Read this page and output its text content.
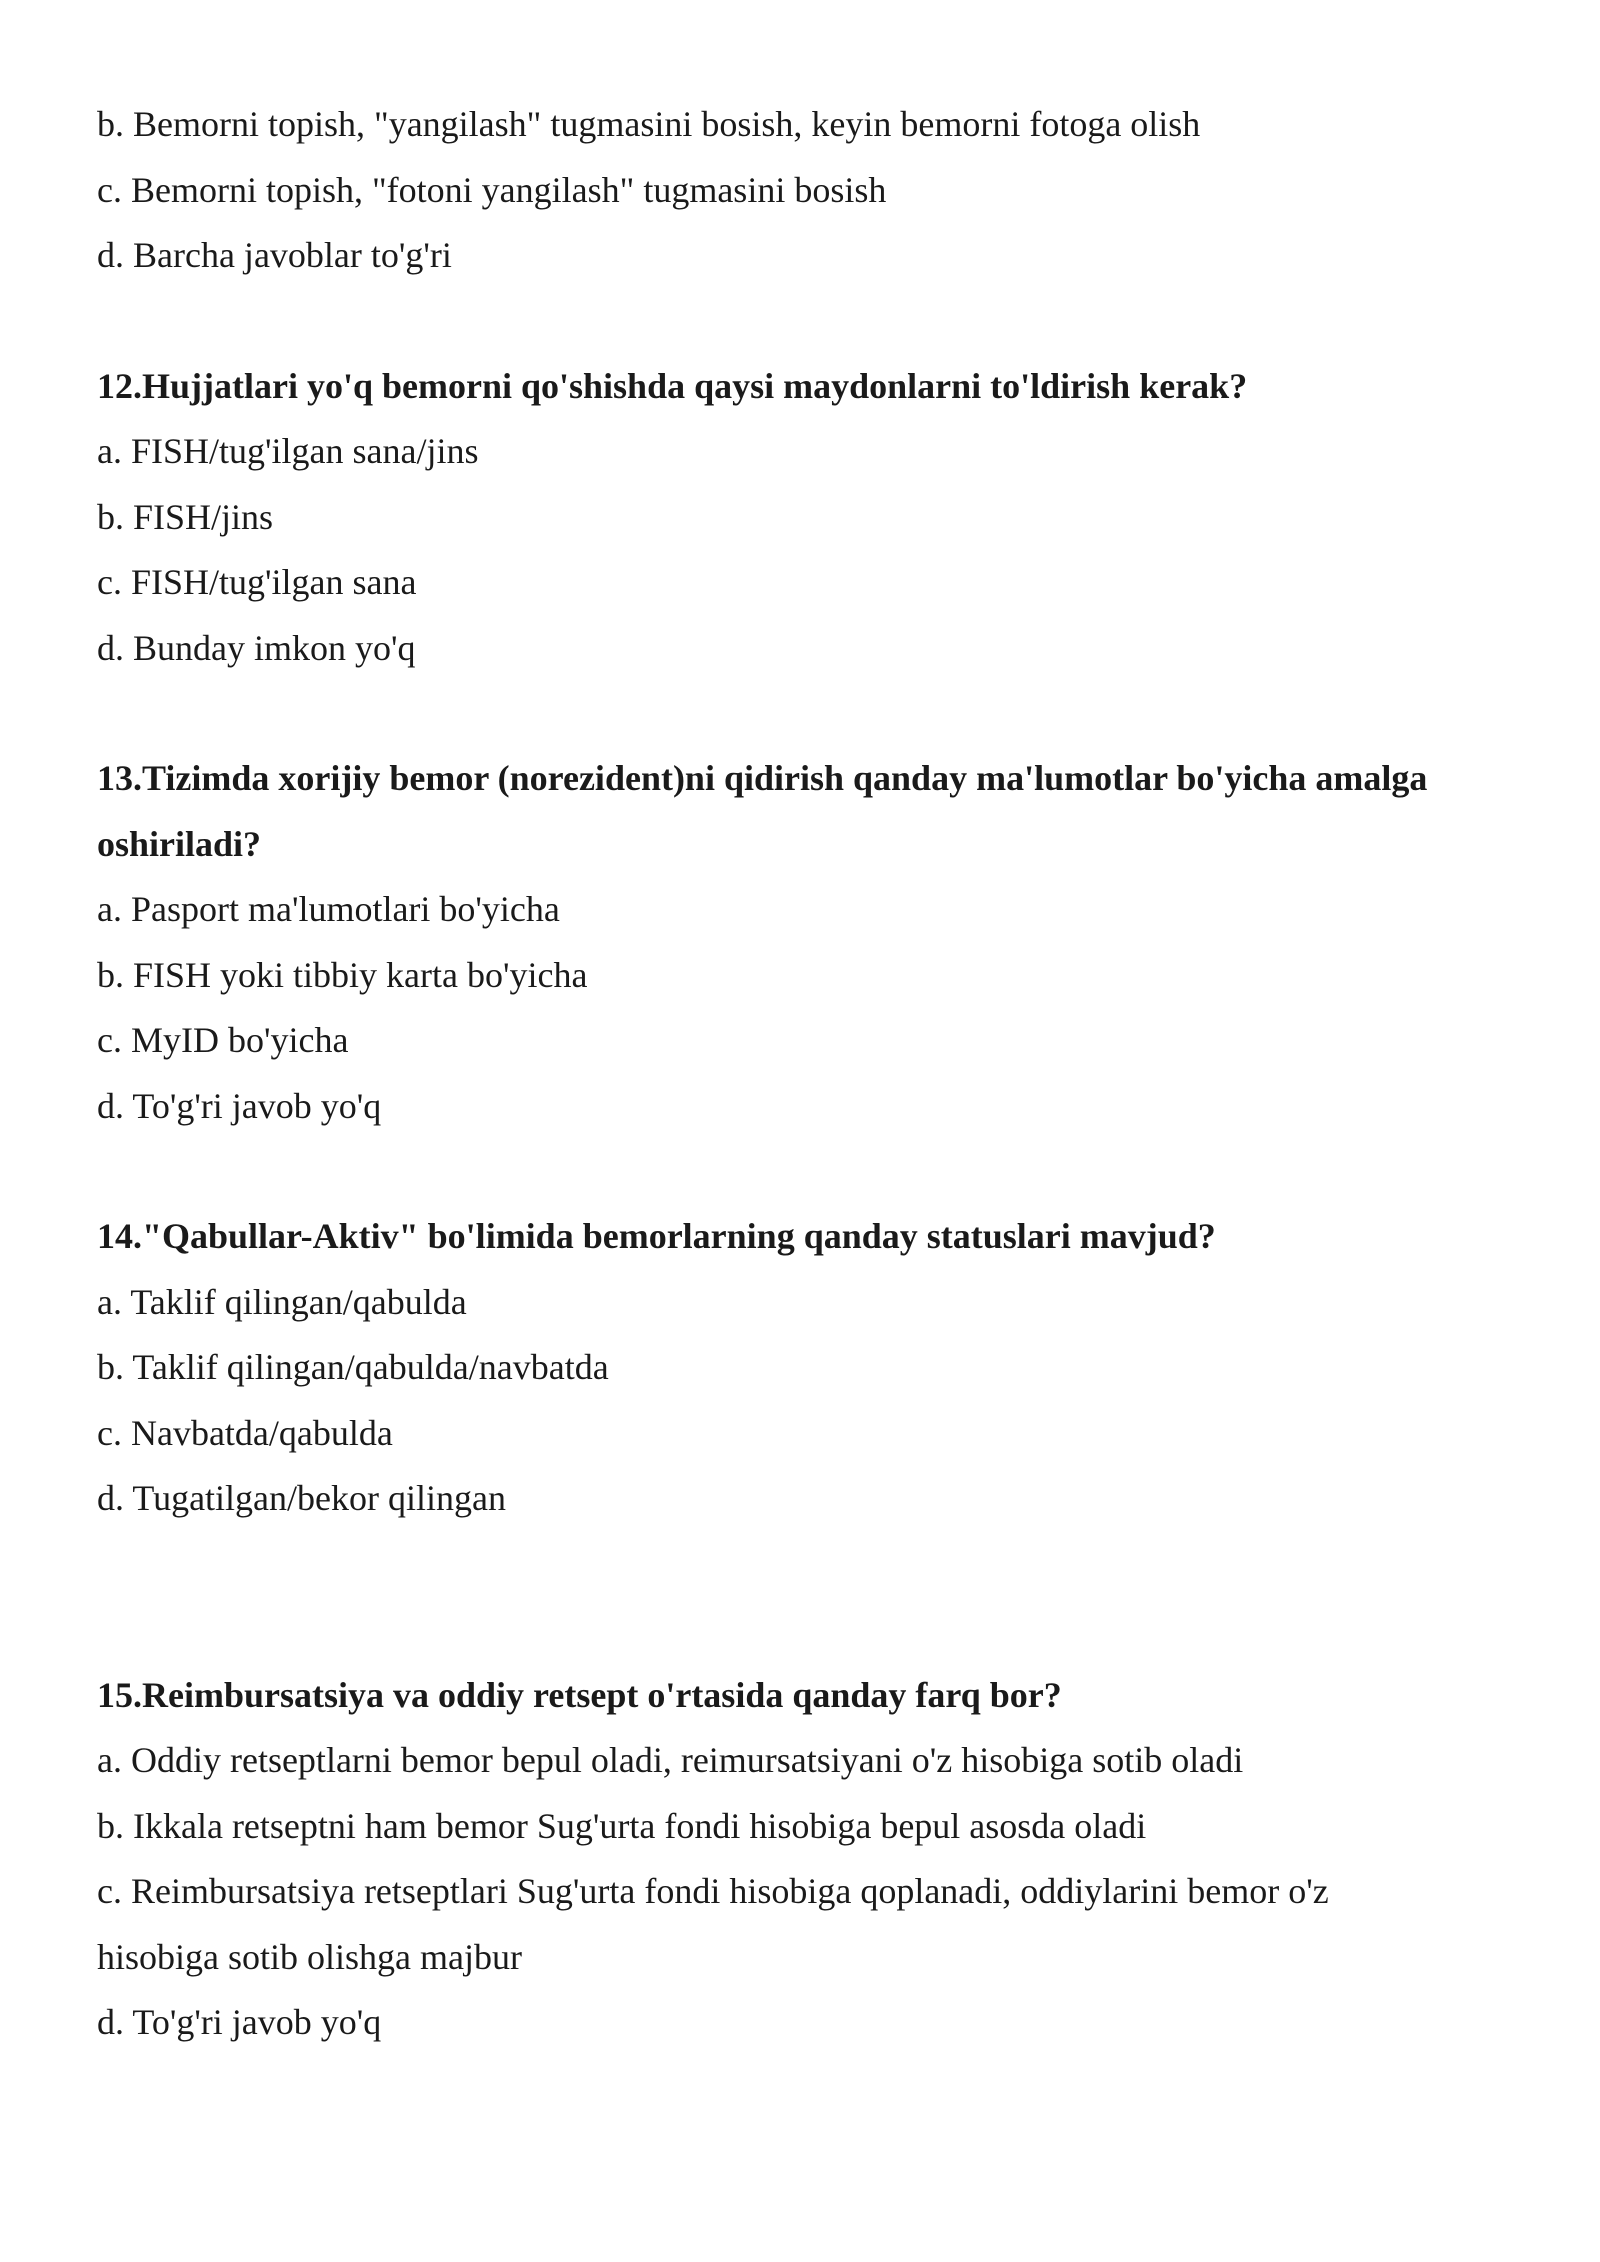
b. Bemorni topish, "yangilash" tugmasini bosish, keyin bemorni fotoga olish

c. Bemorni topish, "fotoni yangilash" tugmasini bosish

d. Barcha javoblar to'g'ri

12.Hujjatlari yo'q bemorni qo'shishda qaysi maydonlarni to'ldirish kerak?

a. FISH/tug'ilgan sana/jins

b. FISH/jins

c. FISH/tug'ilgan sana

d. Bunday imkon yo'q

13.Tizimda xorijiy bemor (norezident)ni qidirish qanday ma'lumotlar bo'yicha amalga oshiriladi?

a. Pasport ma'lumotlari bo'yicha

b. FISH yoki tibbiy karta bo'yicha

c. MyID bo'yicha

d. To'g'ri javob yo'q

14."Qabullar-Aktiv" bo'limida bemorlarning qanday statuslari mavjud?

a. Taklif qilingan/qabulda

b. Taklif qilingan/qabulda/navbatda

c. Navbatda/qabulda

d. Tugatilgan/bekor qilingan

15.Reimbursatsiya va oddiy retsept o'rtasida qanday farq bor?

a. Oddiy retseptlarni bemor bepul oladi, reimursatsiyani o'z hisobiga sotib oladi

b. Ikkala retseptni ham bemor Sug'urta fondi hisobiga bepul asosda oladi

c. Reimbursatsiya retseptlari Sug'urta fondi hisobiga qoplanadi, oddiylarini bemor o'z

hisobiga sotib olishga majbur

d. To'g'ri javob yo'q
